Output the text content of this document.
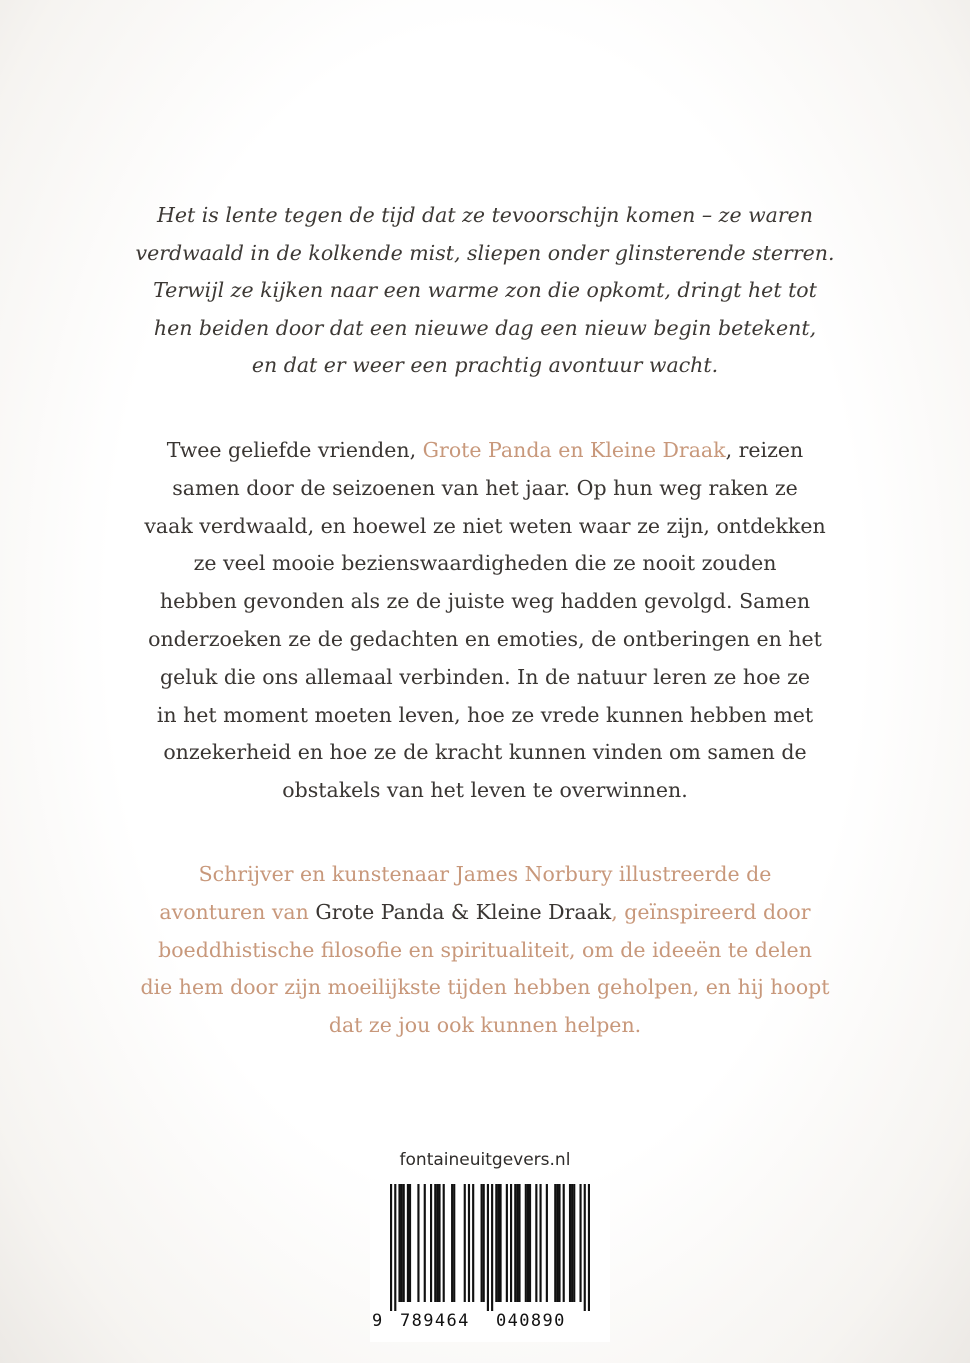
Het is lente tegen de tijd dat ze tevoorschijn komen – ze waren
verdwaald in de kolkende mist, sliepen onder glinsterende sterren.
Terwijl ze kijken naar een warme zon die opkomt, dringt het tot
hen beiden door dat een nieuwe dag een nieuw begin betekent,
en dat er weer een prachtig avontuur wacht.
Twee geliefde vrienden, Grote Panda en Kleine Draak, reizen
samen door de seizoenen van het jaar. Op hun weg raken ze
vaak verdwaald, en hoewel ze niet weten waar ze zijn, ontdekken
ze veel mooie bezienswaardigheden die ze nooit zouden
hebben gevonden als ze de juiste weg hadden gevolgd. Samen
onderzoeken ze de gedachten en emoties, de ontberingen en het
geluk die ons allemaal verbinden. In de natuur leren ze hoe ze
in het moment moeten leven, hoe ze vrede kunnen hebben met
onzekerheid en hoe ze de kracht kunnen vinden om samen de
obstakels van het leven te overwinnen.
Schrijver en kunstenaar James Norbury illustreerde de
avonturen van Grote Panda & Kleine Draak, geïnspireerd door
boeddhistische filosofie en spiritualiteit, om de ideeën te delen
die hem door zijn moeilijkste tijden hebben geholpen, en hij hoopt
dat ze jou ook kunnen helpen.
fontaineuitgevers.nl
9 789464 040890
